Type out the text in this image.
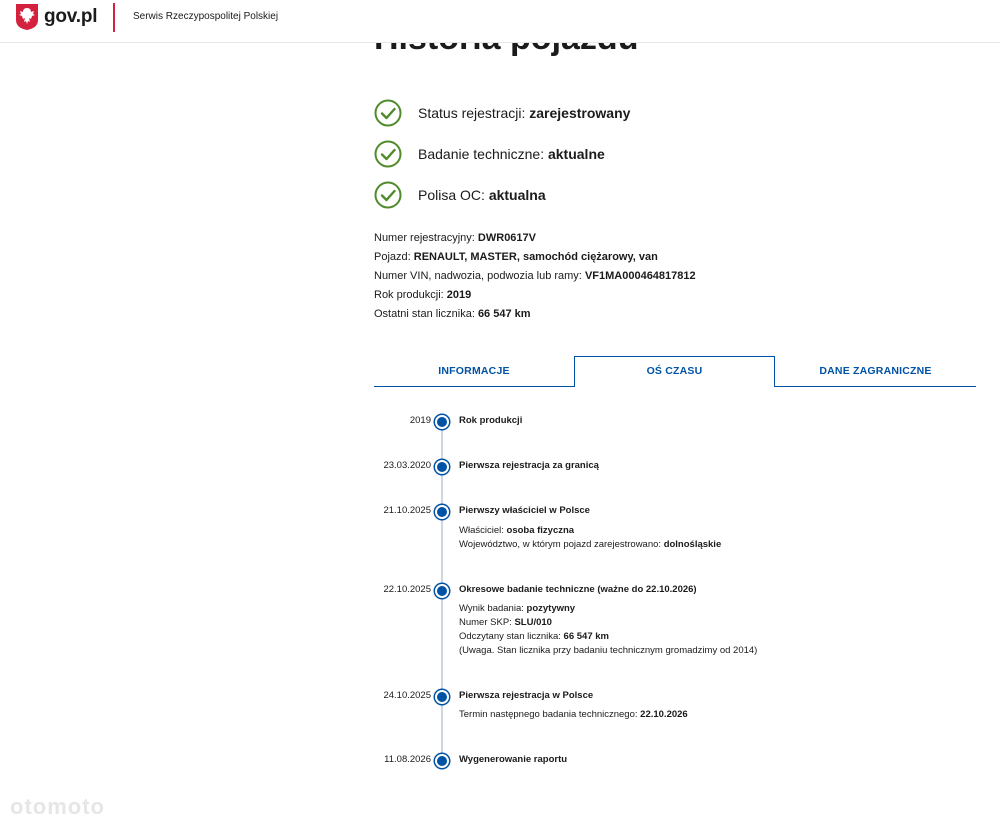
gov.pl	Serwis Rzeczypospolitej Polskiej
Status rejestracji: zarejestrowany
Badanie techniczne: aktualne
Polisa OC: aktualna
Numer rejestracyjny: DWR0617V
Pojazd: RENAULT, MASTER, samochód ciężarowy, van
Numer VIN, nadwozia, podwozia lub ramy: VF1MA000464817812
Rok produkcji: 2019
Ostatni stan licznika: 66 547 km
INFORMACJE	OŚ CZASU	DANE ZAGRANICZNE
2019	Rok produkcji
23.03.2020	Pierwsza rejestracja za granicą
21.10.2025	Pierwszy właściciel w Polsce
Właściciel: osoba fizyczna
Województwo, w którym pojazd zarejestrowano: dolnośląskie
22.10.2025	Okresowe badanie techniczne (ważne do 22.10.2026)
Wynik badania: pozytywny
Numer SKP: SLU/010
Odczytany stan licznika: 66 547 km
(Uwaga. Stan licznika przy badaniu technicznym gromadzimy od 2014)
24.10.2025	Pierwsza rejestracja w Polsce
Termin następnego badania technicznego: 22.10.2026
11.08.2026	Wygenerowanie raportu
otomoto
